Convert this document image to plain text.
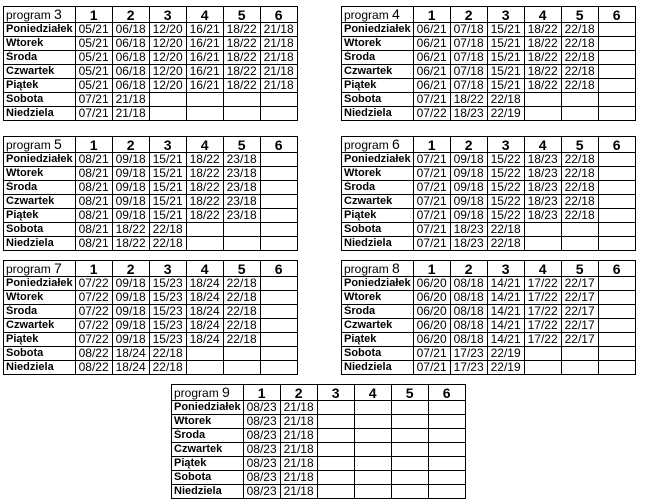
program 3	1	2	3	4	5	6
Poniedziałek	05/21	06/18	12/20	16/21	18/22	21/18
Wtorek	05/21	06/18	12/20	16/21	18/22	21/18
Środa	05/21	06/18	12/20	16/21	18/22	21/18
Czwartek	05/21	06/18	12/20	16/21	18/22	21/18
Piątek	05/21	06/18	12/20	16/21	18/22	21/18
Sobota	07/21	21/18				
Niedziela	07/21	21/18				
program 4	1	2	3	4	5	6
Poniedziałek	06/21	07/18	15/21	18/22	22/18	
Wtorek	06/21	07/18	15/21	18/22	22/18	
Środa	06/21	07/18	15/21	18/22	22/18	
Czwartek	06/21	07/18	15/21	18/22	22/18	
Piątek	06/21	07/18	15/21	18/22	22/18	
Sobota	07/21	18/22	22/18			
Niedziela	07/22	18/23	22/19			
program 5	1	2	3	4	5	6
Poniedziałek	08/21	09/18	15/21	18/22	23/18	
Wtorek	08/21	09/18	15/21	18/22	23/18	
Środa	08/21	09/18	15/21	18/22	23/18	
Czwartek	08/21	09/18	15/21	18/22	23/18	
Piątek	08/21	09/18	15/21	18/22	23/18	
Sobota	08/21	18/22	22/18			
Niedziela	08/21	18/22	22/18			
program 6	1	2	3	4	5	6
Poniedziałek	07/21	09/18	15/22	18/23	22/18	
Wtorek	07/21	09/18	15/22	18/23	22/18	
Środa	07/21	09/18	15/22	18/23	22/18	
Czwartek	07/21	09/18	15/22	18/23	22/18	
Piątek	07/21	09/18	15/22	18/23	22/18	
Sobota	07/21	18/23	22/18			
Niedziela	07/21	18/23	22/18			
program 7	1	2	3	4	5	6
Poniedziałek	07/22	09/18	15/23	18/24	22/18	
Wtorek	07/22	09/18	15/23	18/24	22/18	
Środa	07/22	09/18	15/23	18/24	22/18	
Czwartek	07/22	09/18	15/23	18/24	22/18	
Piątek	07/22	09/18	15/23	18/24	22/18	
Sobota	08/22	18/24	22/18			
Niedziela	08/22	18/24	22/18			
program 8	1	2	3	4	5	6
Poniedziałek	06/20	08/18	14/21	17/22	22/17	
Wtorek	06/20	08/18	14/21	17/22	22/17	
Środa	06/20	08/18	14/21	17/22	22/17	
Czwartek	06/20	08/18	14/21	17/22	22/17	
Piątek	06/20	08/18	14/21	17/22	22/17	
Sobota	07/21	17/23	22/19			
Niedziela	07/21	17/23	22/19			
program 9	1	2	3	4	5	6
Poniedziałek	08/23	21/18				
Wtorek	08/23	21/18				
Środa	08/23	21/18				
Czwartek	08/23	21/18				
Piątek	08/23	21/18				
Sobota	08/23	21/18				
Niedziela	08/23	21/18				
